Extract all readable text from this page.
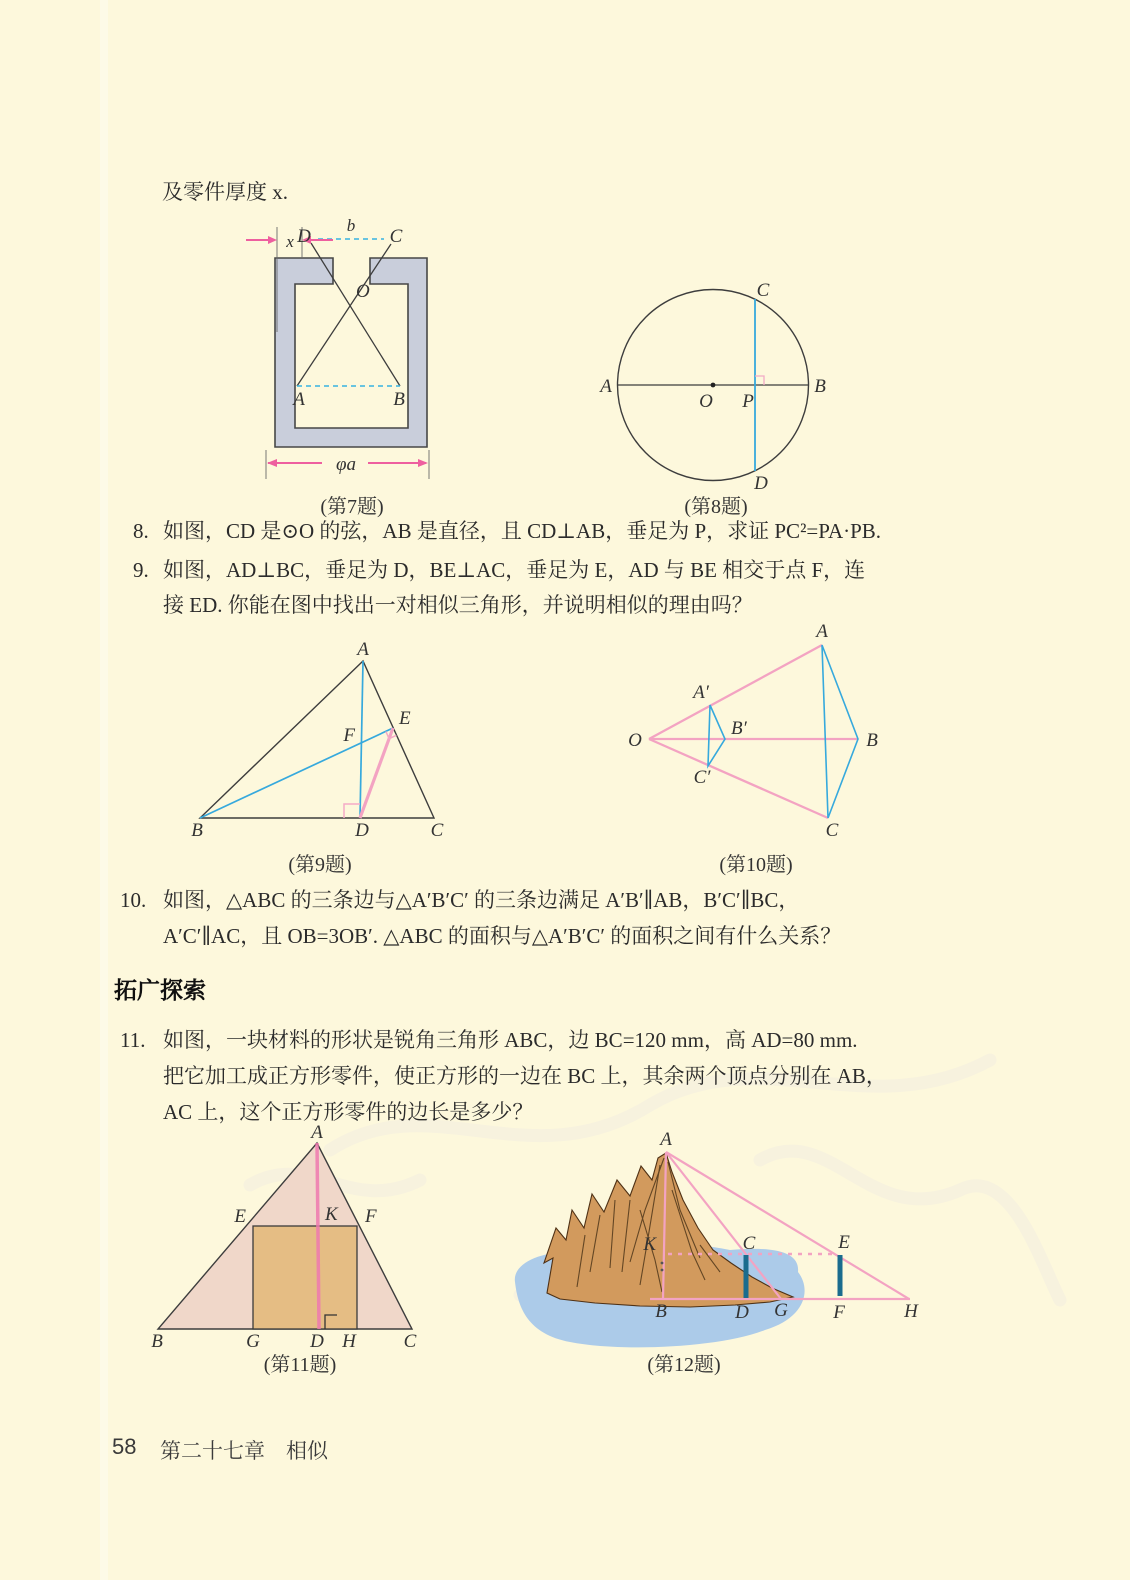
及零件厚度 x.
x D
b
C
O
A	B
φa
(第7题)
A	B
C
D
O P
(第8题)
8. 如图，CD 是⊙O 的弦，AB 是直径，且 CD⊥AB，垂足为 P，求证 PC²=PA·PB.
9. 如图，AD⊥BC，垂足为 D，BE⊥AC，垂足为 E，AD 与 BE 相交于点 F，连
接 ED. 你能在图中找出一对相似三角形，并说明相似的理由吗？
A
B	C
D
E
F
(第9题)
O
A
B
C
A′
B′
C′
(第10题)
10. 如图，△ABC 的三条边与△A′B′C′ 的三条边满足 A′B′∥AB，B′C′∥BC，
A′C′∥AC，且 OB=3OB′. △ABC 的面积与△A′B′C′ 的面积之间有什么关系？
拓广探索
11. 如图，一块材料的形状是锐角三角形 ABC，边 BC=120 mm，高 AD=80 mm.
把它加工成正方形零件，使正方形的一边在 BC 上，其余两个顶点分别在 AB，
AC 上，这个正方形零件的边长是多少？
A
E	K F
B	G	D H	C
(第11题)
A
K
B
C
D G
E
F	H
(第12题)
58 第二十七章　相似
